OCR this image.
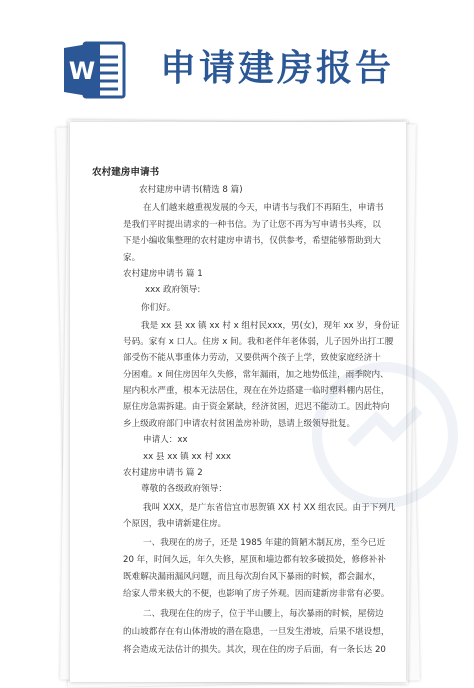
W 申请建房报告
农村建房申请书
农村建房申请书(精选 8 篇)
在人们越来越重视发展的今天，申请书与我们不再陌生，申请书
是我们平时提出请求的一种书信。为了让您不再为写申请书头疼，以
下是小编收集整理的农村建房申请书，仅供参考，希望能够帮助到大
家。
农村建房申请书 篇 1
xxx 政府领导:
你们好。
我是 xx 县 xx 镇 xx 村 x 组村民xxx，男(女)，现年 xx 岁，身份证
号码。家有 x 口人。住房 x 间。我和老伴年老体弱，儿子因外出打工腰
部受伤不能从事重体力劳动，又要供两个孩子上学，致使家庭经济十
分困难。x 间住房因年久失修，常年漏雨，加之地势低洼，雨季院内、
屋内积水严重，根本无法居住，现在在外边搭建一临时塑料棚内居住，
原住房急需拆建。由于资金紧缺，经济贫困，迟迟不能动工。因此特向
乡上级政府部门申请农村贫困盖房补助，恳请上级领导批复。
申请人：xx
xx 县 xx 镇 xx 村 xxx
农村建房申请书 篇 2
尊敬的各级政府领导：
我叫 XXX，是广东省信宜市思贺镇 XX 村 XX 组农民。由于下列几
个原因，我申请新建住房。
一、我现在的房子，还是 1985 年建的简陋木制瓦房，至今已近
20 年，时间久远，年久失修，屋顶和墙边都有较多破损处，修修补补
既难解决漏雨漏风问题，而且每次刮台风下暴雨的时候，都会漏水，
给家人带来极大的不便，也影响了房子外观。因而建新房非常有必要。
二、我现在住的房子，位于半山腰上，每次暴雨的时候，屋傍边
的山坡都存在有山体滑坡的潜在隐患，一旦发生滑坡，后果不堪设想，
将会造成无法估计的损失。其次，现在住的房子后面，有一条长达 20
